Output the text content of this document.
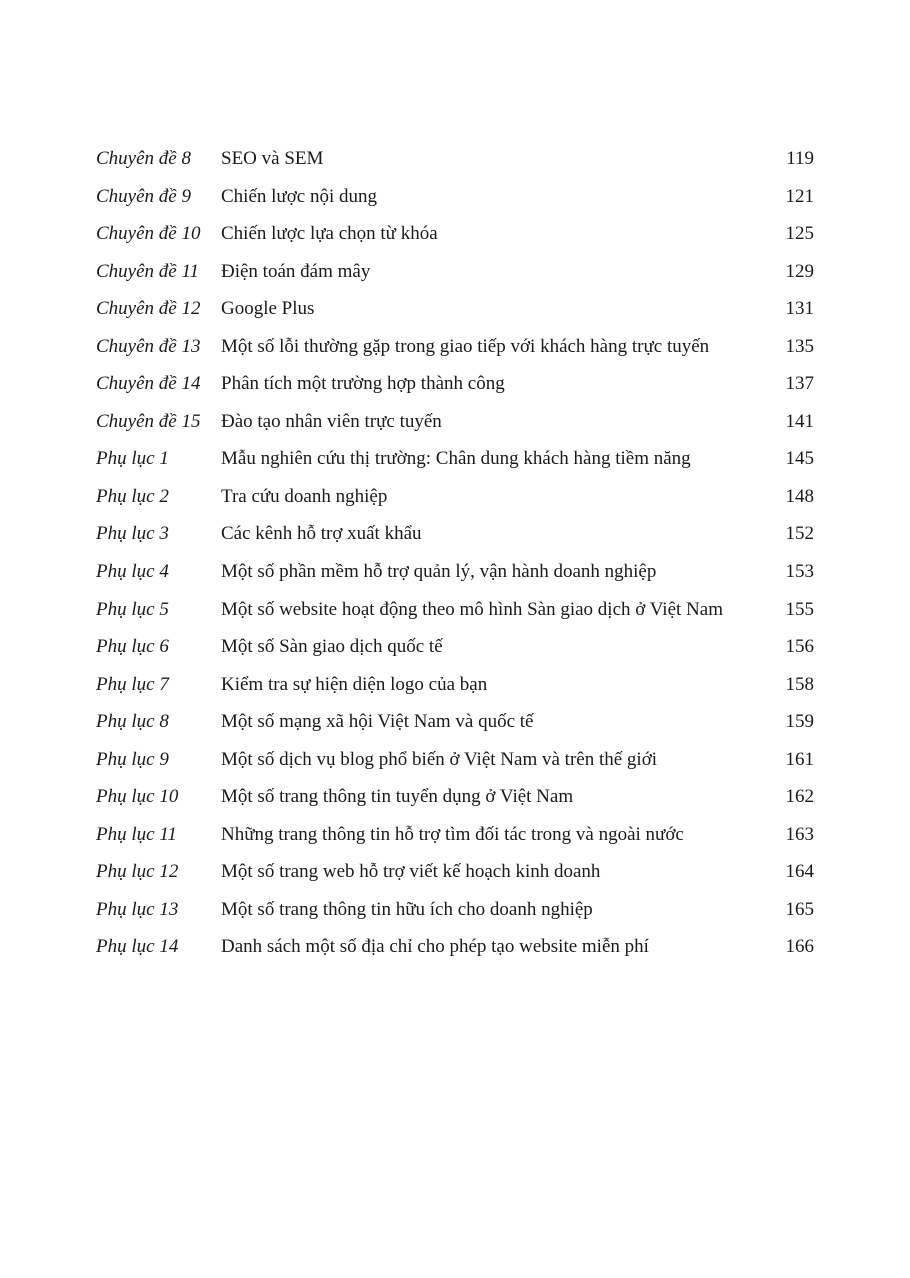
Chuyên đề 8	SEO và SEM	119
Chuyên đề 9	Chiến lược nội dung	121
Chuyên đề 10	Chiến lược lựa chọn từ khóa	125
Chuyên đề 11	Điện toán đám mây	129
Chuyên đề 12	Google Plus	131
Chuyên đề 13	Một số lỗi thường gặp trong giao tiếp với khách hàng trực tuyến	135
Chuyên đề 14	Phân tích một trường hợp thành công	137
Chuyên đề 15	Đào tạo nhân viên trực tuyến	141
Phụ lục 1	Mẫu nghiên cứu thị trường: Chân dung khách hàng tiềm năng	145
Phụ lục 2	Tra cứu doanh nghiệp	148
Phụ lục 3	Các kênh hỗ trợ xuất khẩu	152
Phụ lục 4	Một số phần mềm hỗ trợ quản lý, vận hành doanh nghiệp	153
Phụ lục 5	Một số website hoạt động theo mô hình Sàn giao dịch ở Việt Nam	155
Phụ lục 6	Một số Sàn giao dịch quốc tế	156
Phụ lục 7	Kiểm tra sự hiện diện logo của bạn	158
Phụ lục 8	Một số mạng xã hội Việt Nam và quốc tế	159
Phụ lục 9	Một số dịch vụ blog phổ biến ở Việt Nam và trên thế giới	161
Phụ lục 10	Một số trang thông tin tuyển dụng ở Việt Nam	162
Phụ lục 11	Những trang thông tin hỗ trợ tìm đối tác trong và ngoài nước	163
Phụ lục 12	Một số trang web hỗ trợ viết kế hoạch kinh doanh	164
Phụ lục 13	Một số trang thông tin hữu ích cho doanh nghiệp	165
Phụ lục 14	Danh sách một số địa chỉ cho phép tạo website miễn phí	166
